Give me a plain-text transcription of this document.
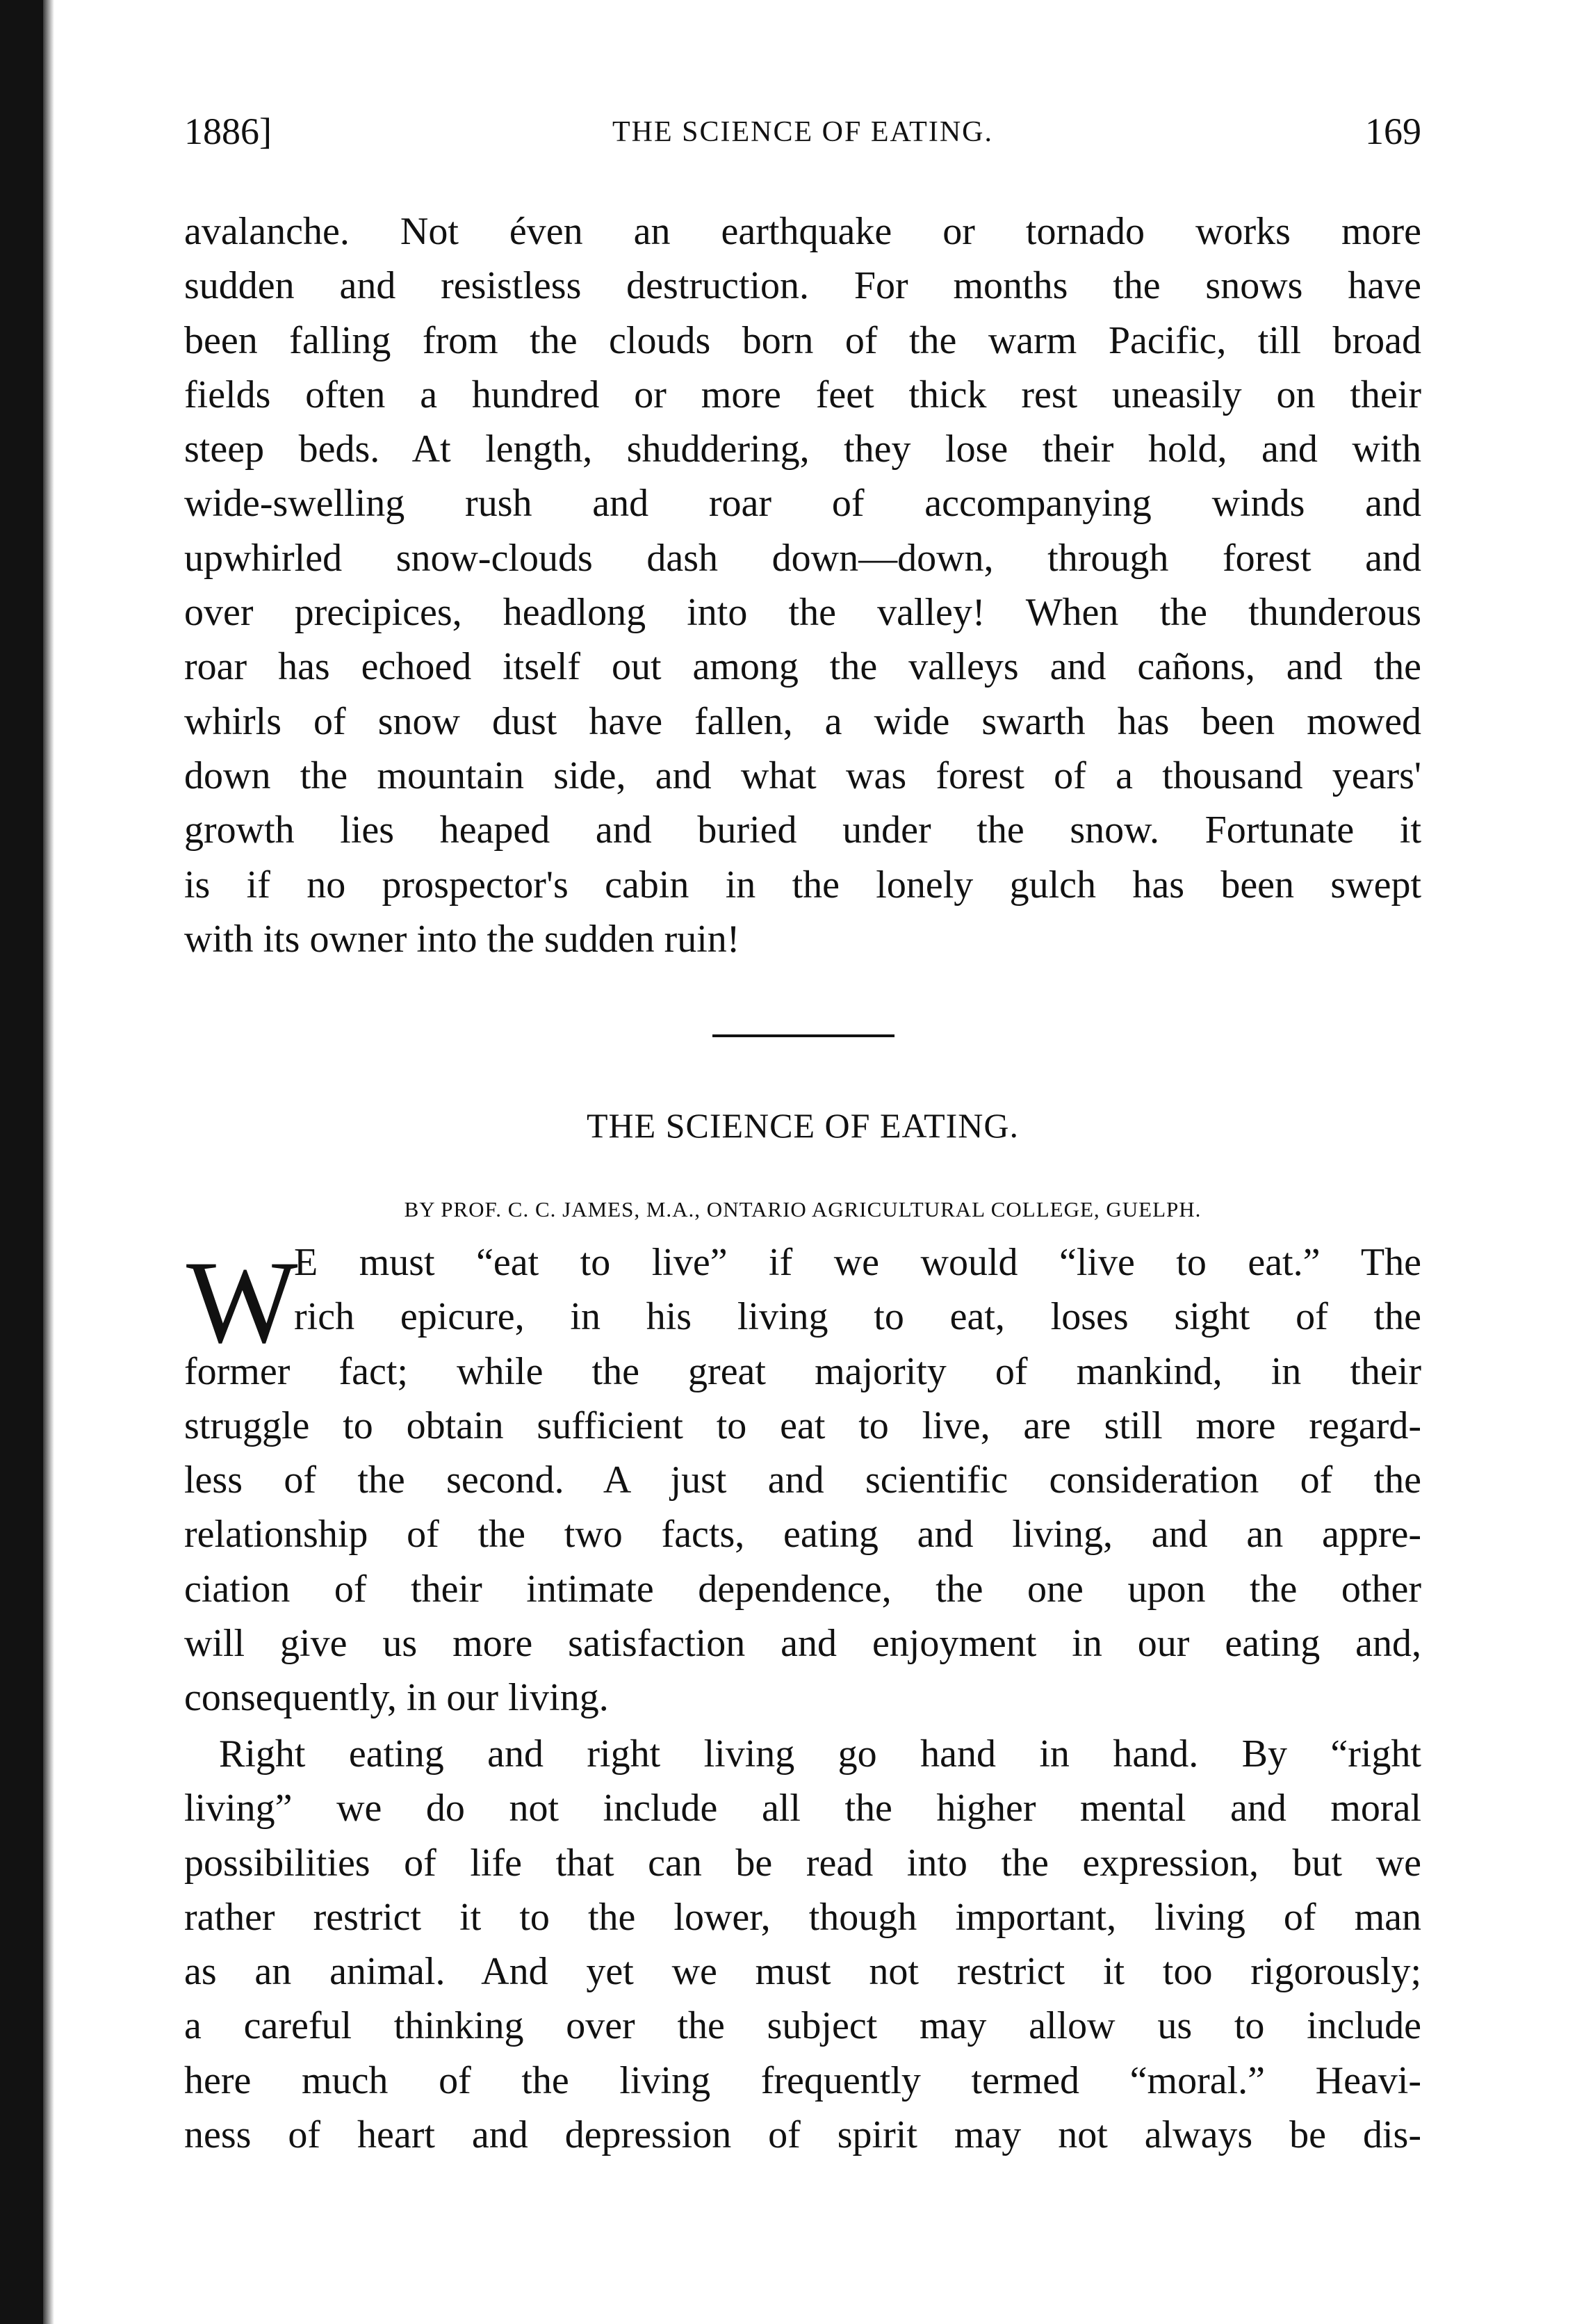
1886]	THE SCIENCE OF EATING.	169
avalanche. Not éven an earthquake or tornado works more
sudden and resistless destruction. For months the snows have
been falling from the clouds born of the warm Pacific, till broad
fields often a hundred or more feet thick rest uneasily on their
steep beds. At length, shuddering, they lose their hold, and with
wide-swelling rush and roar of accompanying winds and
upwhirled snow-clouds dash down—down, through forest and
over precipices, headlong into the valley! When the thunderous
roar has echoed itself out among the valleys and cañons, and the
whirls of snow dust have fallen, a wide swarth has been mowed
down the mountain side, and what was forest of a thousand years'
growth lies heaped and buried under the snow. Fortunate it
is if no prospector's cabin in the lonely gulch has been swept
with its owner into the sudden ruin!
THE SCIENCE OF EATING.
BY PROF. C. C. JAMES, M.A., ONTARIO AGRICULTURAL COLLEGE, GUELPH.
W
E must “eat to live” if we would “live to eat.” The
rich epicure, in his living to eat, loses sight of the
former fact; while the great majority of mankind, in their
struggle to obtain sufficient to eat to live, are still more regard-
less of the second. A just and scientific consideration of the
relationship of the two facts, eating and living, and an appre-
ciation of their intimate dependence, the one upon the other
will give us more satisfaction and enjoyment in our eating and,
consequently, in our living.
Right eating and right living go hand in hand. By “right
living” we do not include all the higher mental and moral
possibilities of life that can be read into the expression, but we
rather restrict it to the lower, though important, living of man
as an animal. And yet we must not restrict it too rigorously;
a careful thinking over the subject may allow us to include
here much of the living frequently termed “moral.” Heavi-
ness of heart and depression of spirit may not always be dis-
